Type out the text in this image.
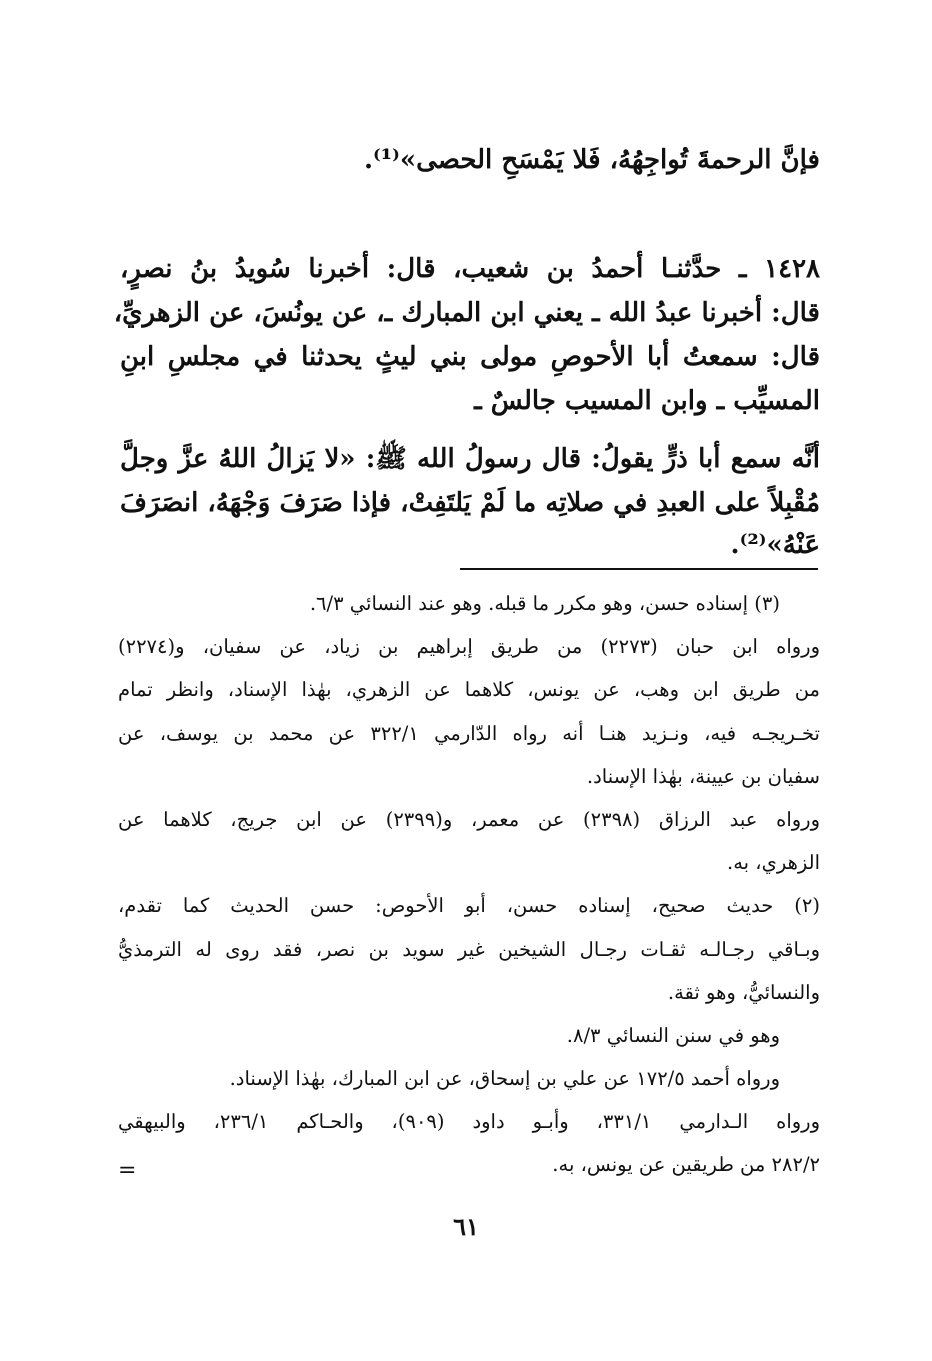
فإنَّ الرحمةَ تُواجِهُهُ، فَلا يَمْسَحِ الحصى»⁽¹⁾.
١٤٢٨ ـ حدَّثنـا أحمدُ بن شعيب، قال: أخبرنا سُويدُ بنُ نصرٍ،
قال: أخبرنا عبدُ الله ـ يعني ابن المبارك ـ، عن يونُسَ، عن الزهريِّ،
قال: سمعتُ أبا الأحوصِ مولى بني ليثٍ يحدثنا في مجلسِ ابنِ
المسيِّب ـ وابن المسيب جالسٌ ـ
أنَّه سمع أبا ذرٍّ يقولُ: قال رسولُ الله ﷺ: «لا يَزالُ اللهُ عزَّ وجلَّ
مُقْبِلاً على العبدِ في صلاتِه ما لَمْ يَلتَفِتْ، فإذا صَرَفَ وَجْهَهُ، انصَرَفَ
عَنْهُ»⁽²⁾.
(٣) إسناده حسن، وهو مكرر ما قبله. وهو عند النسائي ٦/٣.
ورواه ابن حبان (٢٢٧٣) من طريق إبراهيم بن زياد، عن سفيان، و(٢٢٧٤)
من طريق ابن وهب، عن يونس، كلاهما عن الزهري، بهٰذا الإسناد، وانظر تمام
تخـريجـه فيه، ونـزيد هنـا أنه رواه الدّارمي ٣٢٢/١ عن محمد بن يوسف، عن
سفيان بن عيينة، بهٰذا الإسناد.
ورواه عبد الرزاق (٢٣٩٨) عن معمر، و(٢٣٩٩) عن ابن جريج، كلاهما عن
الزهري، به.
(٢) حديث صحيح، إسناده حسن، أبو الأحوص: حسن الحديث كما تقدم،
وبـاقي رجـالـه ثقـات رجـال الشيخين غير سويد بن نصر، فقد روى له الترمذيُّ
والنسائيُّ، وهو ثقة.
وهو في سنن النسائي ٨/٣.
ورواه أحمد ١٧٢/٥ عن علي بن إسحاق، عن ابن المبارك، بهٰذا الإسناد.
ورواه الـدارمي ٣٣١/١، وأبـو داود (٩٠٩)، والحـاكم ٢٣٦/١، والبيهقي
٢٨٢/٢ من طريقين عن يونس، به.
=
٦١
